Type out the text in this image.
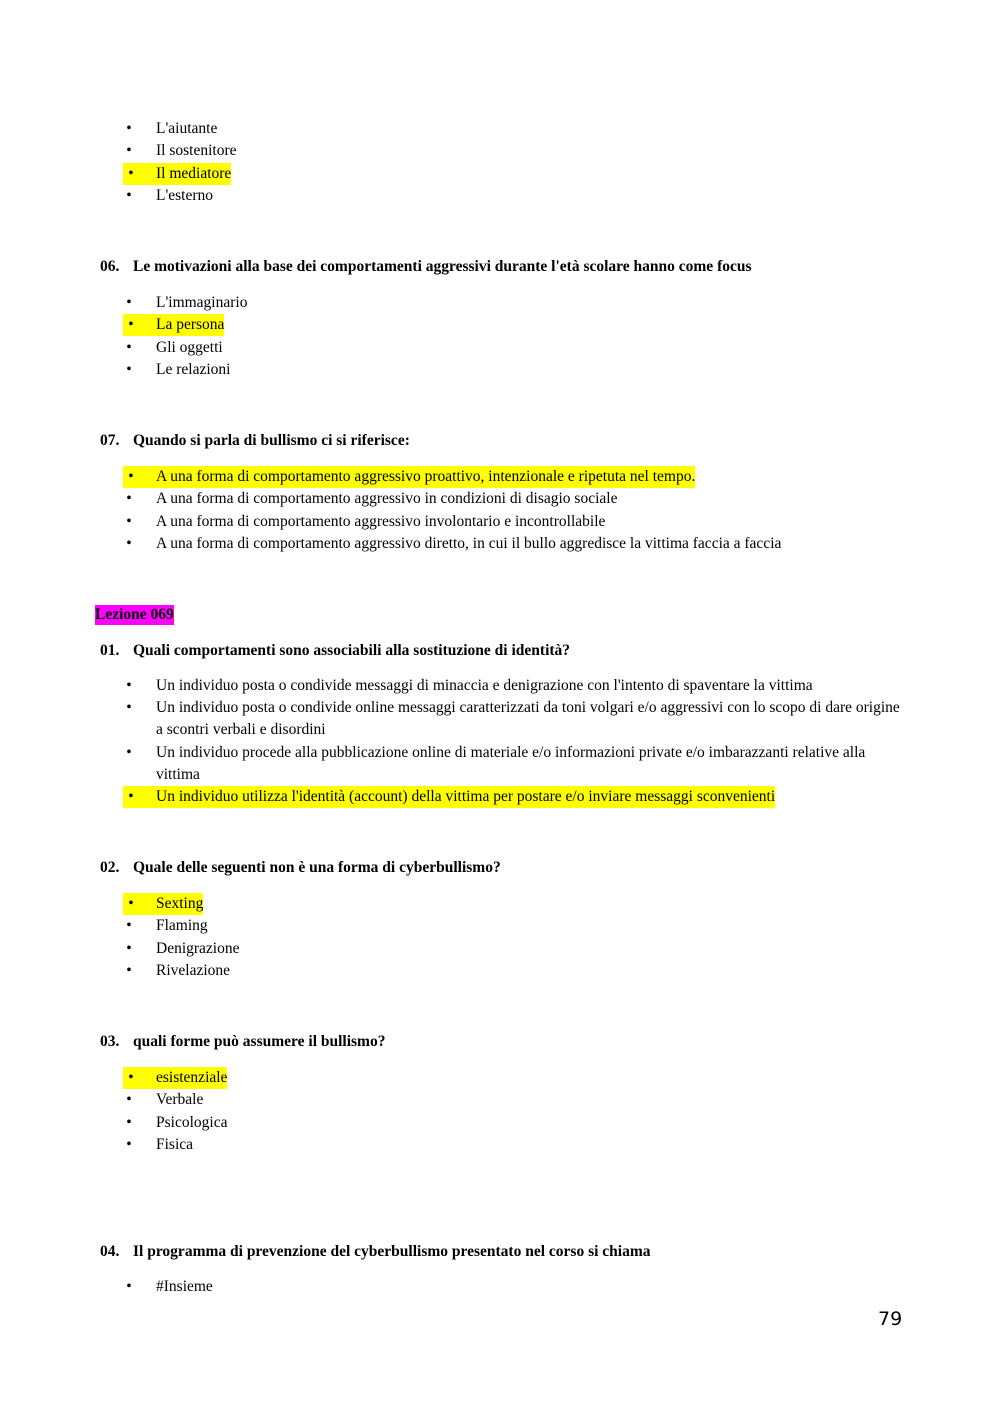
• L'aiutante
• Il sostenitore
•	Il mediatore
• L'esterno

06. Le motivazioni alla base dei comportamenti aggressivi durante l'età scolare hanno come focus

• L'immaginario
•	La persona
• Gli oggetti
• Le relazioni

07. Quando si parla di bullismo ci si riferisce:

•	A una forma di comportamento aggressivo proattivo, intenzionale e ripetuta nel tempo.
• A una forma di comportamento aggressivo in condizioni di disagio sociale
• A una forma di comportamento aggressivo involontario e incontrollabile
• A una forma di comportamento aggressivo diretto, in cui il bullo aggredisce la vittima faccia a faccia

Lezione 069

01. Quali comportamenti sono associabili alla sostituzione di identità?

• Un individuo posta o condivide messaggi di minaccia e denigrazione con l'intento di spaventare la vittima
• Un individuo posta o condivide online messaggi caratterizzati da toni volgari e/o aggressivi con lo scopo di dare origine a scontri verbali e disordini
• Un individuo procede alla pubblicazione online di materiale e/o informazioni private e/o imbarazzanti relative alla vittima
•	Un individuo utilizza l'identità (account) della vittima per postare e/o inviare messaggi sconvenienti

02. Quale delle seguenti non è una forma di cyberbullismo?

•	Sexting
• Flaming
• Denigrazione
• Rivelazione

03. quali forme può assumere il bullismo?

•	esistenziale
• Verbale
• Psicologica
• Fisica

04. Il programma di prevenzione del cyberbullismo presentato nel corso si chiama

• #Insieme
79
